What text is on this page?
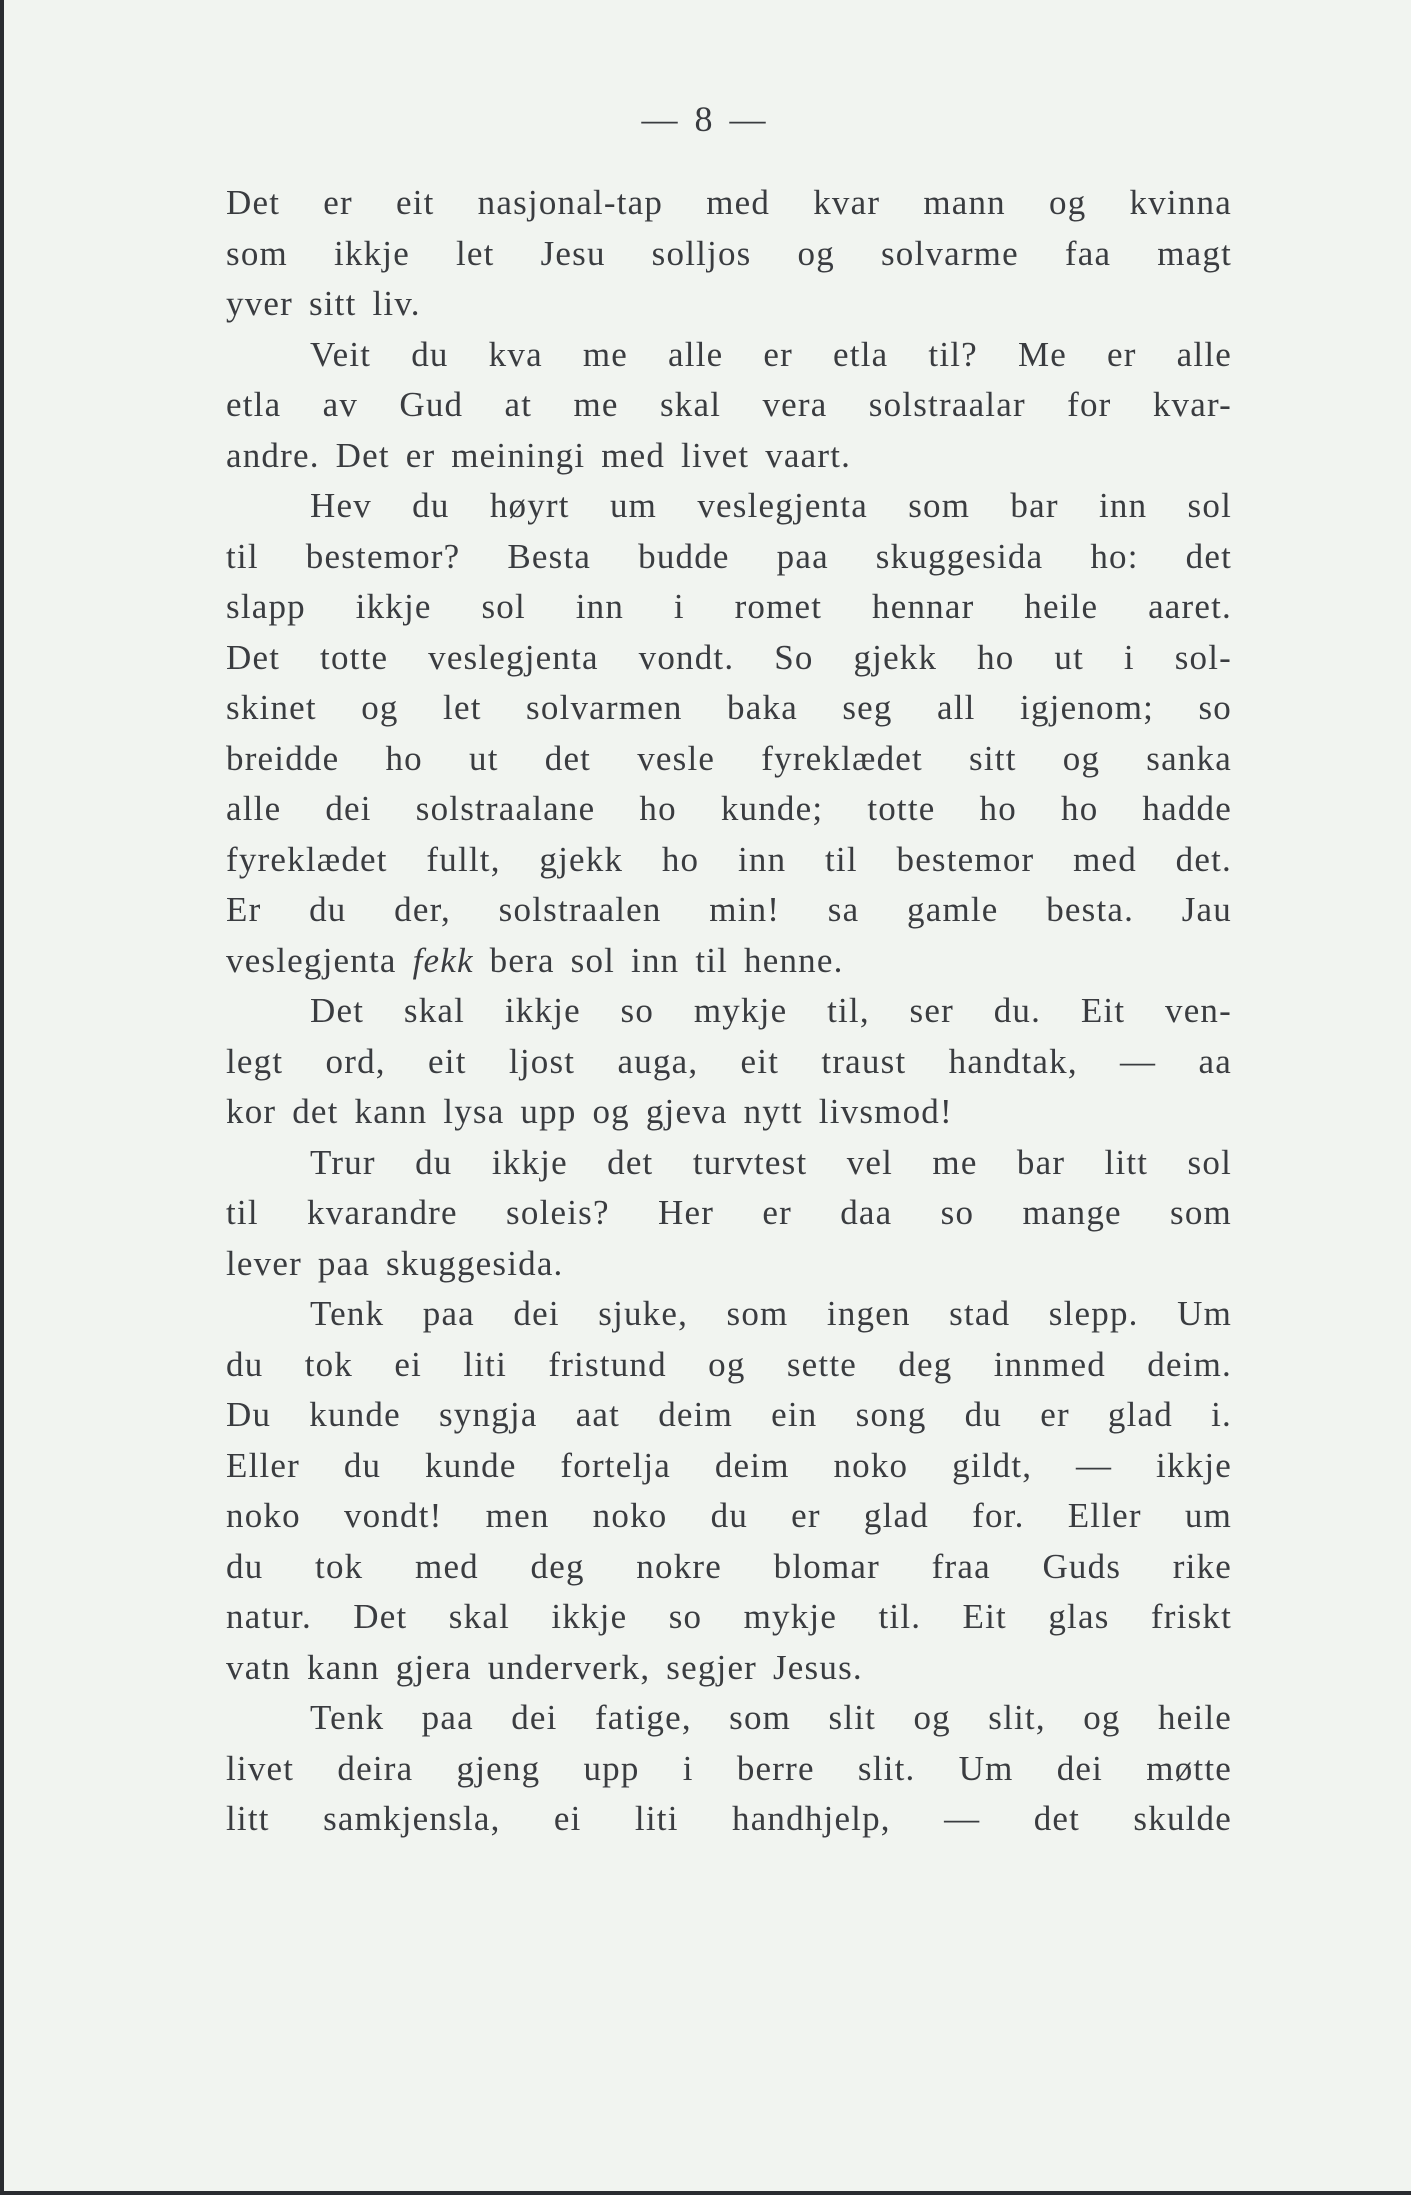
— 8 —
Det er eit nasjonal-tap med kvar mann og kvinna
som ikkje let Jesu solljos og solvarme faa magt
yver sitt liv.
Veit du kva me alle er etla til? Me er alle
etla av Gud at me skal vera solstraalar for kvar-
andre. Det er meiningi med livet vaart.
Hev du høyrt um veslegjenta som bar inn sol
til bestemor? Besta budde paa skuggesida ho: det
slapp ikkje sol inn i romet hennar heile aaret.
Det totte veslegjenta vondt. So gjekk ho ut i sol-
skinet og let solvarmen baka seg all igjenom; so
breidde ho ut det vesle fyreklædet sitt og sanka
alle dei solstraalane ho kunde; totte ho ho hadde
fyreklædet fullt, gjekk ho inn til bestemor med det.
Er du der, solstraalen min! sa gamle besta. Jau
veslegjenta fekk bera sol inn til henne.
Det skal ikkje so mykje til, ser du. Eit ven-
legt ord, eit ljost auga, eit traust handtak, — aa
kor det kann lysa upp og gjeva nytt livsmod!
Trur du ikkje det turvtest vel me bar litt sol
til kvarandre soleis? Her er daa so mange som
lever paa skuggesida.
Tenk paa dei sjuke, som ingen stad slepp. Um
du tok ei liti fristund og sette deg innmed deim.
Du kunde syngja aat deim ein song du er glad i.
Eller du kunde fortelja deim noko gildt, — ikkje
noko vondt! men noko du er glad for. Eller um
du tok med deg nokre blomar fraa Guds rike
natur. Det skal ikkje so mykje til. Eit glas friskt
vatn kann gjera underverk, segjer Jesus.
Tenk paa dei fatige, som slit og slit, og heile
livet deira gjeng upp i berre slit. Um dei møtte
litt samkjensla, ei liti handhjelp, — det skulde
